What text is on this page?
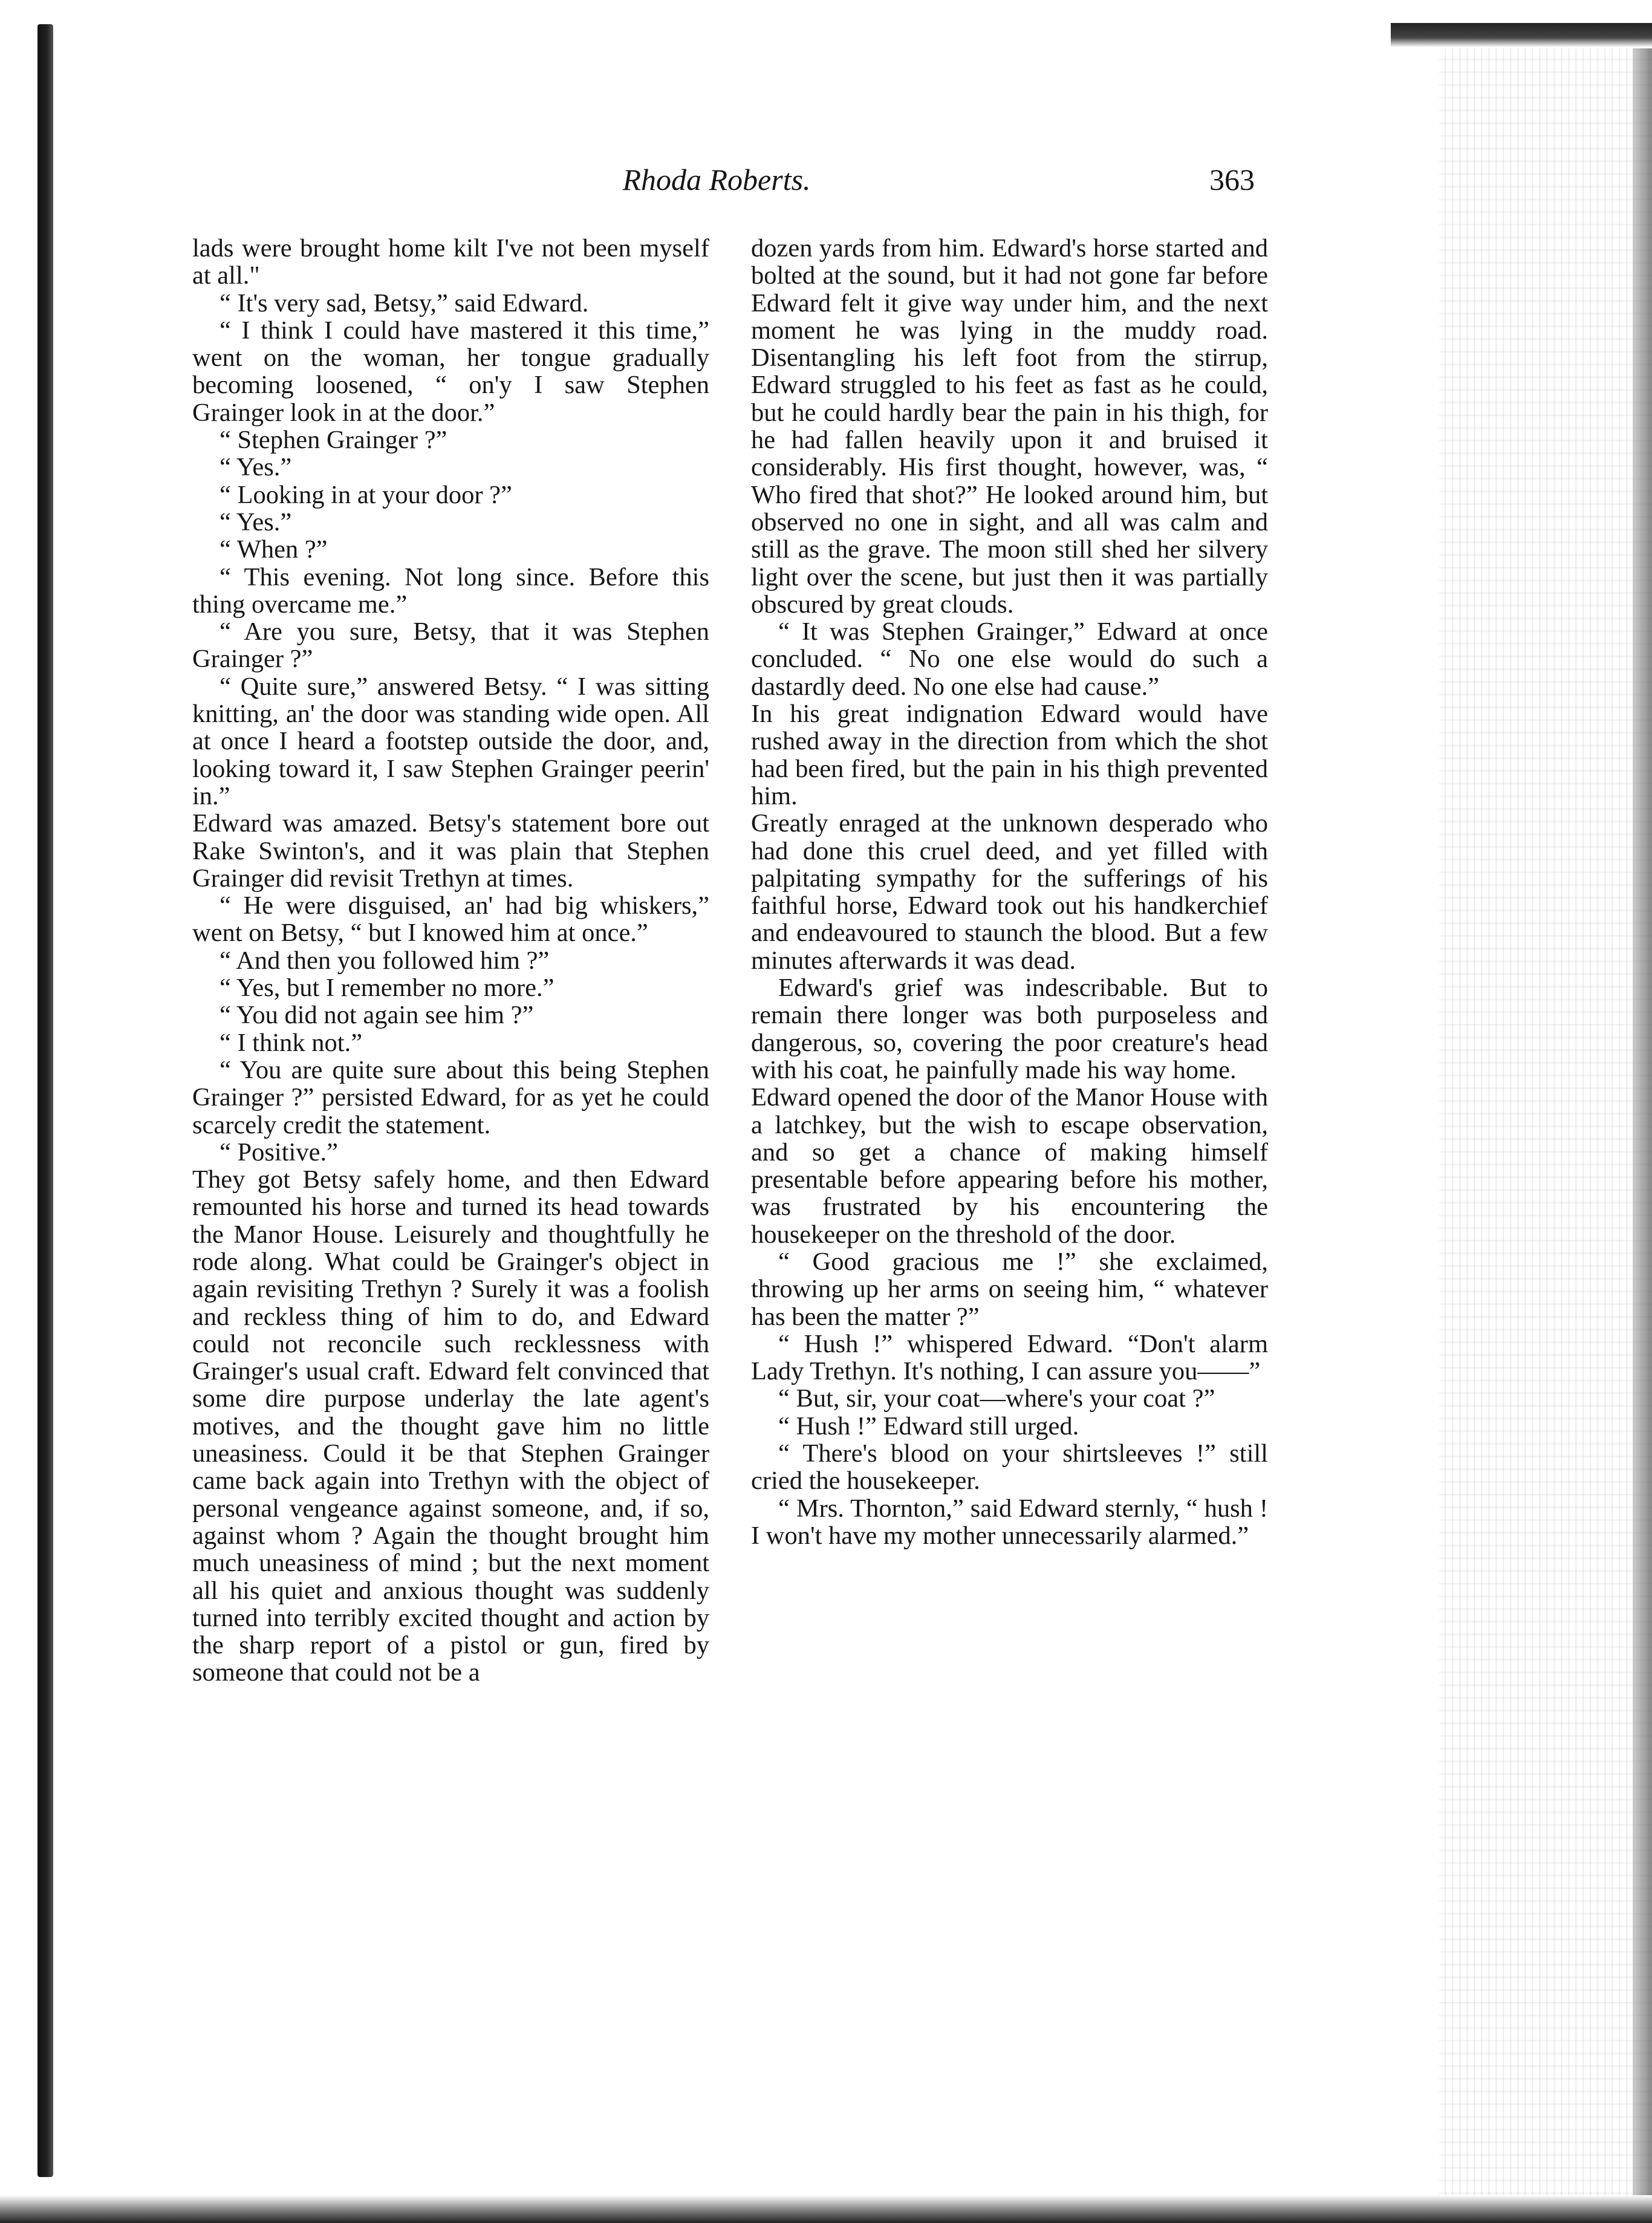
Rhoda Roberts.	363

lads were brought home kilt I've not been myself at all."

“ It's very sad, Betsy,” said Edward.

“ I think I could have mastered it this time,” went on the woman, her tongue gradually becoming loosened, “ on'y I saw Stephen Grainger look in at the door.”

“ Stephen Grainger ?”

“ Yes.”

“ Looking in at your door ?”

“ Yes.”

“ When ?”

“ This evening. Not long since. Before this thing overcame me.”

“ Are you sure, Betsy, that it was Stephen Grainger ?”

“ Quite sure,” answered Betsy. “ I was sitting knitting, an' the door was standing wide open. All at once I heard a footstep outside the door, and, looking toward it, I saw Stephen Grainger peerin' in.”

Edward was amazed. Betsy's statement bore out Rake Swinton's, and it was plain that Stephen Grainger did revisit Trethyn at times.

“ He were disguised, an' had big whiskers,” went on Betsy, “ but I knowed him at once.”

“ And then you followed him ?”

“ Yes, but I remember no more.”

“ You did not again see him ?”

“ I think not.”

“ You are quite sure about this being Stephen Grainger ?” persisted Edward, for as yet he could scarcely credit the statement.

“ Positive.”

They got Betsy safely home, and then Edward remounted his horse and turned its head towards the Manor House. Leisurely and thoughtfully he rode along. What could be Grainger's object in again revisiting Trethyn ? Surely it was a foolish and reckless thing of him to do, and Edward could not reconcile such recklessness with Grainger's usual craft. Edward felt convinced that some dire purpose underlay the late agent's motives, and the thought gave him no little uneasiness. Could it be that Stephen Grainger came back again into Trethyn with the object of personal vengeance against someone, and, if so, against whom ? Again the thought brought him much uneasiness of mind ; but the next moment all his quiet and anxious thought was suddenly turned into terribly excited thought and action by the sharp report of a pistol or gun, fired by someone that could not be a

dozen yards from him. Edward's horse started and bolted at the sound, but it had not gone far before Edward felt it give way under him, and the next moment he was lying in the muddy road. Disentangling his left foot from the stirrup, Edward struggled to his feet as fast as he could, but he could hardly bear the pain in his thigh, for he had fallen heavily upon it and bruised it considerably. His first thought, however, was, “ Who fired that shot?” He looked around him, but observed no one in sight, and all was calm and still as the grave. The moon still shed her silvery light over the scene, but just then it was partially obscured by great clouds.

“ It was Stephen Grainger,” Edward at once concluded. “ No one else would do such a dastardly deed. No one else had cause.”

In his great indignation Edward would have rushed away in the direction from which the shot had been fired, but the pain in his thigh prevented him.

Greatly enraged at the unknown desperado who had done this cruel deed, and yet filled with palpitating sympathy for the sufferings of his faithful horse, Edward took out his handkerchief and endeavoured to staunch the blood. But a few minutes afterwards it was dead.

Edward's grief was indescribable. But to remain there longer was both purposeless and dangerous, so, covering the poor creature's head with his coat, he painfully made his way home.

Edward opened the door of the Manor House with a latchkey, but the wish to escape observation, and so get a chance of making himself presentable before appearing before his mother, was frustrated by his encountering the housekeeper on the threshold of the door.

“ Good gracious me !” she exclaimed, throwing up her arms on seeing him, “ whatever has been the matter ?”

“ Hush !” whispered Edward. “Don't alarm Lady Trethyn. It's nothing, I can assure you——”

“ But, sir, your coat—where's your coat ?”

“ Hush !” Edward still urged.

“ There's blood on your shirtsleeves !” still cried the housekeeper.

“ Mrs. Thornton,” said Edward sternly, “ hush ! I won't have my mother unnecessarily alarmed.”
